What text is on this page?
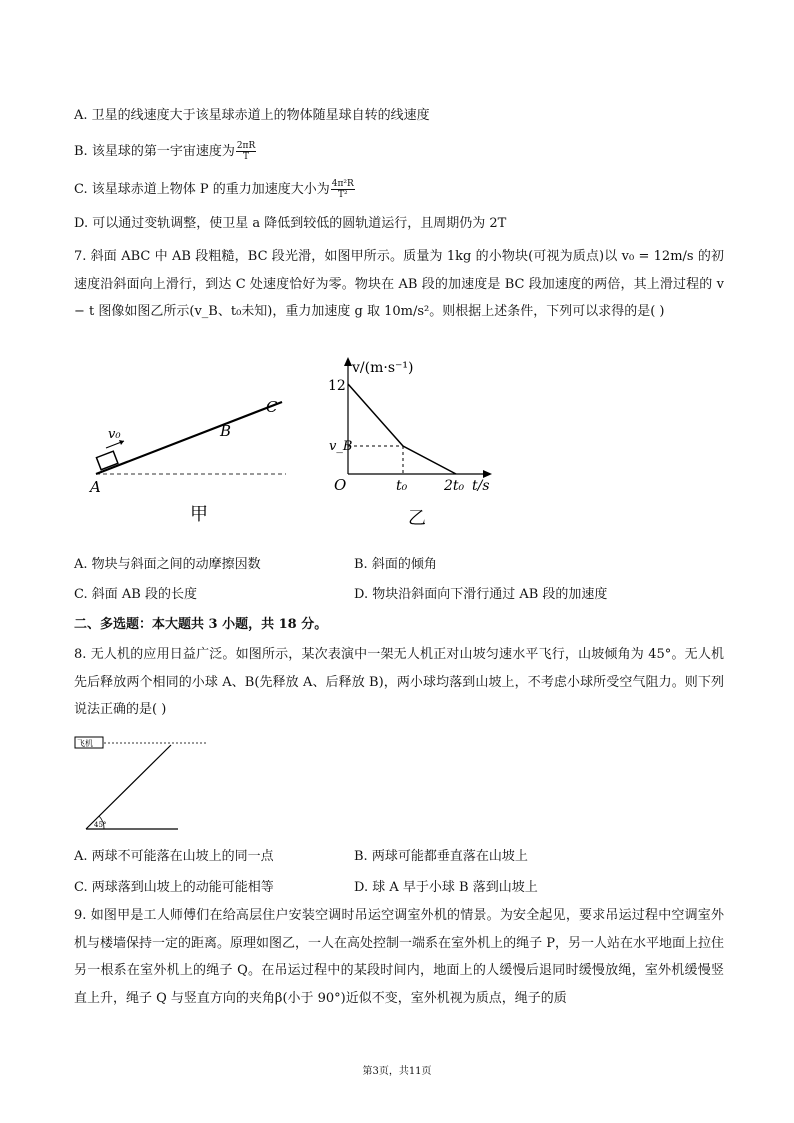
A. 卫星的线速度大于该星球赤道上的物体随星球自转的线速度
B. 该星球的第一宇宙速度为 $\frac{2\pi R}{T}$
C. 该星球赤道上物体 P 的重力加速度大小为 $\frac{\text{4π²R}}{\text{T²}}$
D. 可以通过变轨调整，使卫星 a 降低到较低的圆轨道运行，且周期仍为 2T
7. 斜面 ABC 中 AB 段粗糙，BC 段光滑，如图甲所示。质量为 1kg 的小物块(可视为质点)以 v₀ = 12m/s 的初速度沿斜面向上滑行，到达 C 处速度恰好为零。物块在 AB 段的加速度是 BC 段加速度的两倍，其上滑过程的 v − t 图像如图乙所示(v_B、t₀未知)，重力加速度 g 取 10m/s²。则根据上述条件，下列可以求得的是( )
v₀
A
B
C
甲
v/(m·s⁻¹)
12
v_B
O	t₀	2t₀ t/s
乙
A. 物块与斜面之间的动摩擦因数	B. 斜面的倾角
C. 斜面 AB 段的长度	D. 物块沿斜面向下滑行通过 AB 段的加速度
二、多选题：本大题共 3 小题，共 18 分。
8. 无人机的应用日益广泛。如图所示，某次表演中一架无人机正对山坡匀速水平飞行，山坡倾角为 45°。无人机先后释放两个相同的小球 A、B(先释放 A、后释放 B)，两小球均落到山坡上，不考虑小球所受空气阻力。则下列说法正确的是( )
飞机
45°
A. 两球不可能落在山坡上的同一点	B. 两球可能都垂直落在山坡上
C. 两球落到山坡上的动能可能相等	D. 球 A 早于小球 B 落到山坡上
9. 如图甲是工人师傅们在给高层住户安装空调时吊运空调室外机的情景。为安全起见，要求吊运过程中空调室外机与楼墙保持一定的距离。原理如图乙，一人在高处控制一端系在室外机上的绳子 P，另一人站在水平地面上拉住另一根系在室外机上的绳子 Q。在吊运过程中的某段时间内，地面上的人缓慢后退同时缓慢放绳，室外机缓慢竖直上升，绳子 Q 与竖直方向的夹角β(小于 90°)近似不变，室外机视为质点，绳子的质
第3页，共11页
